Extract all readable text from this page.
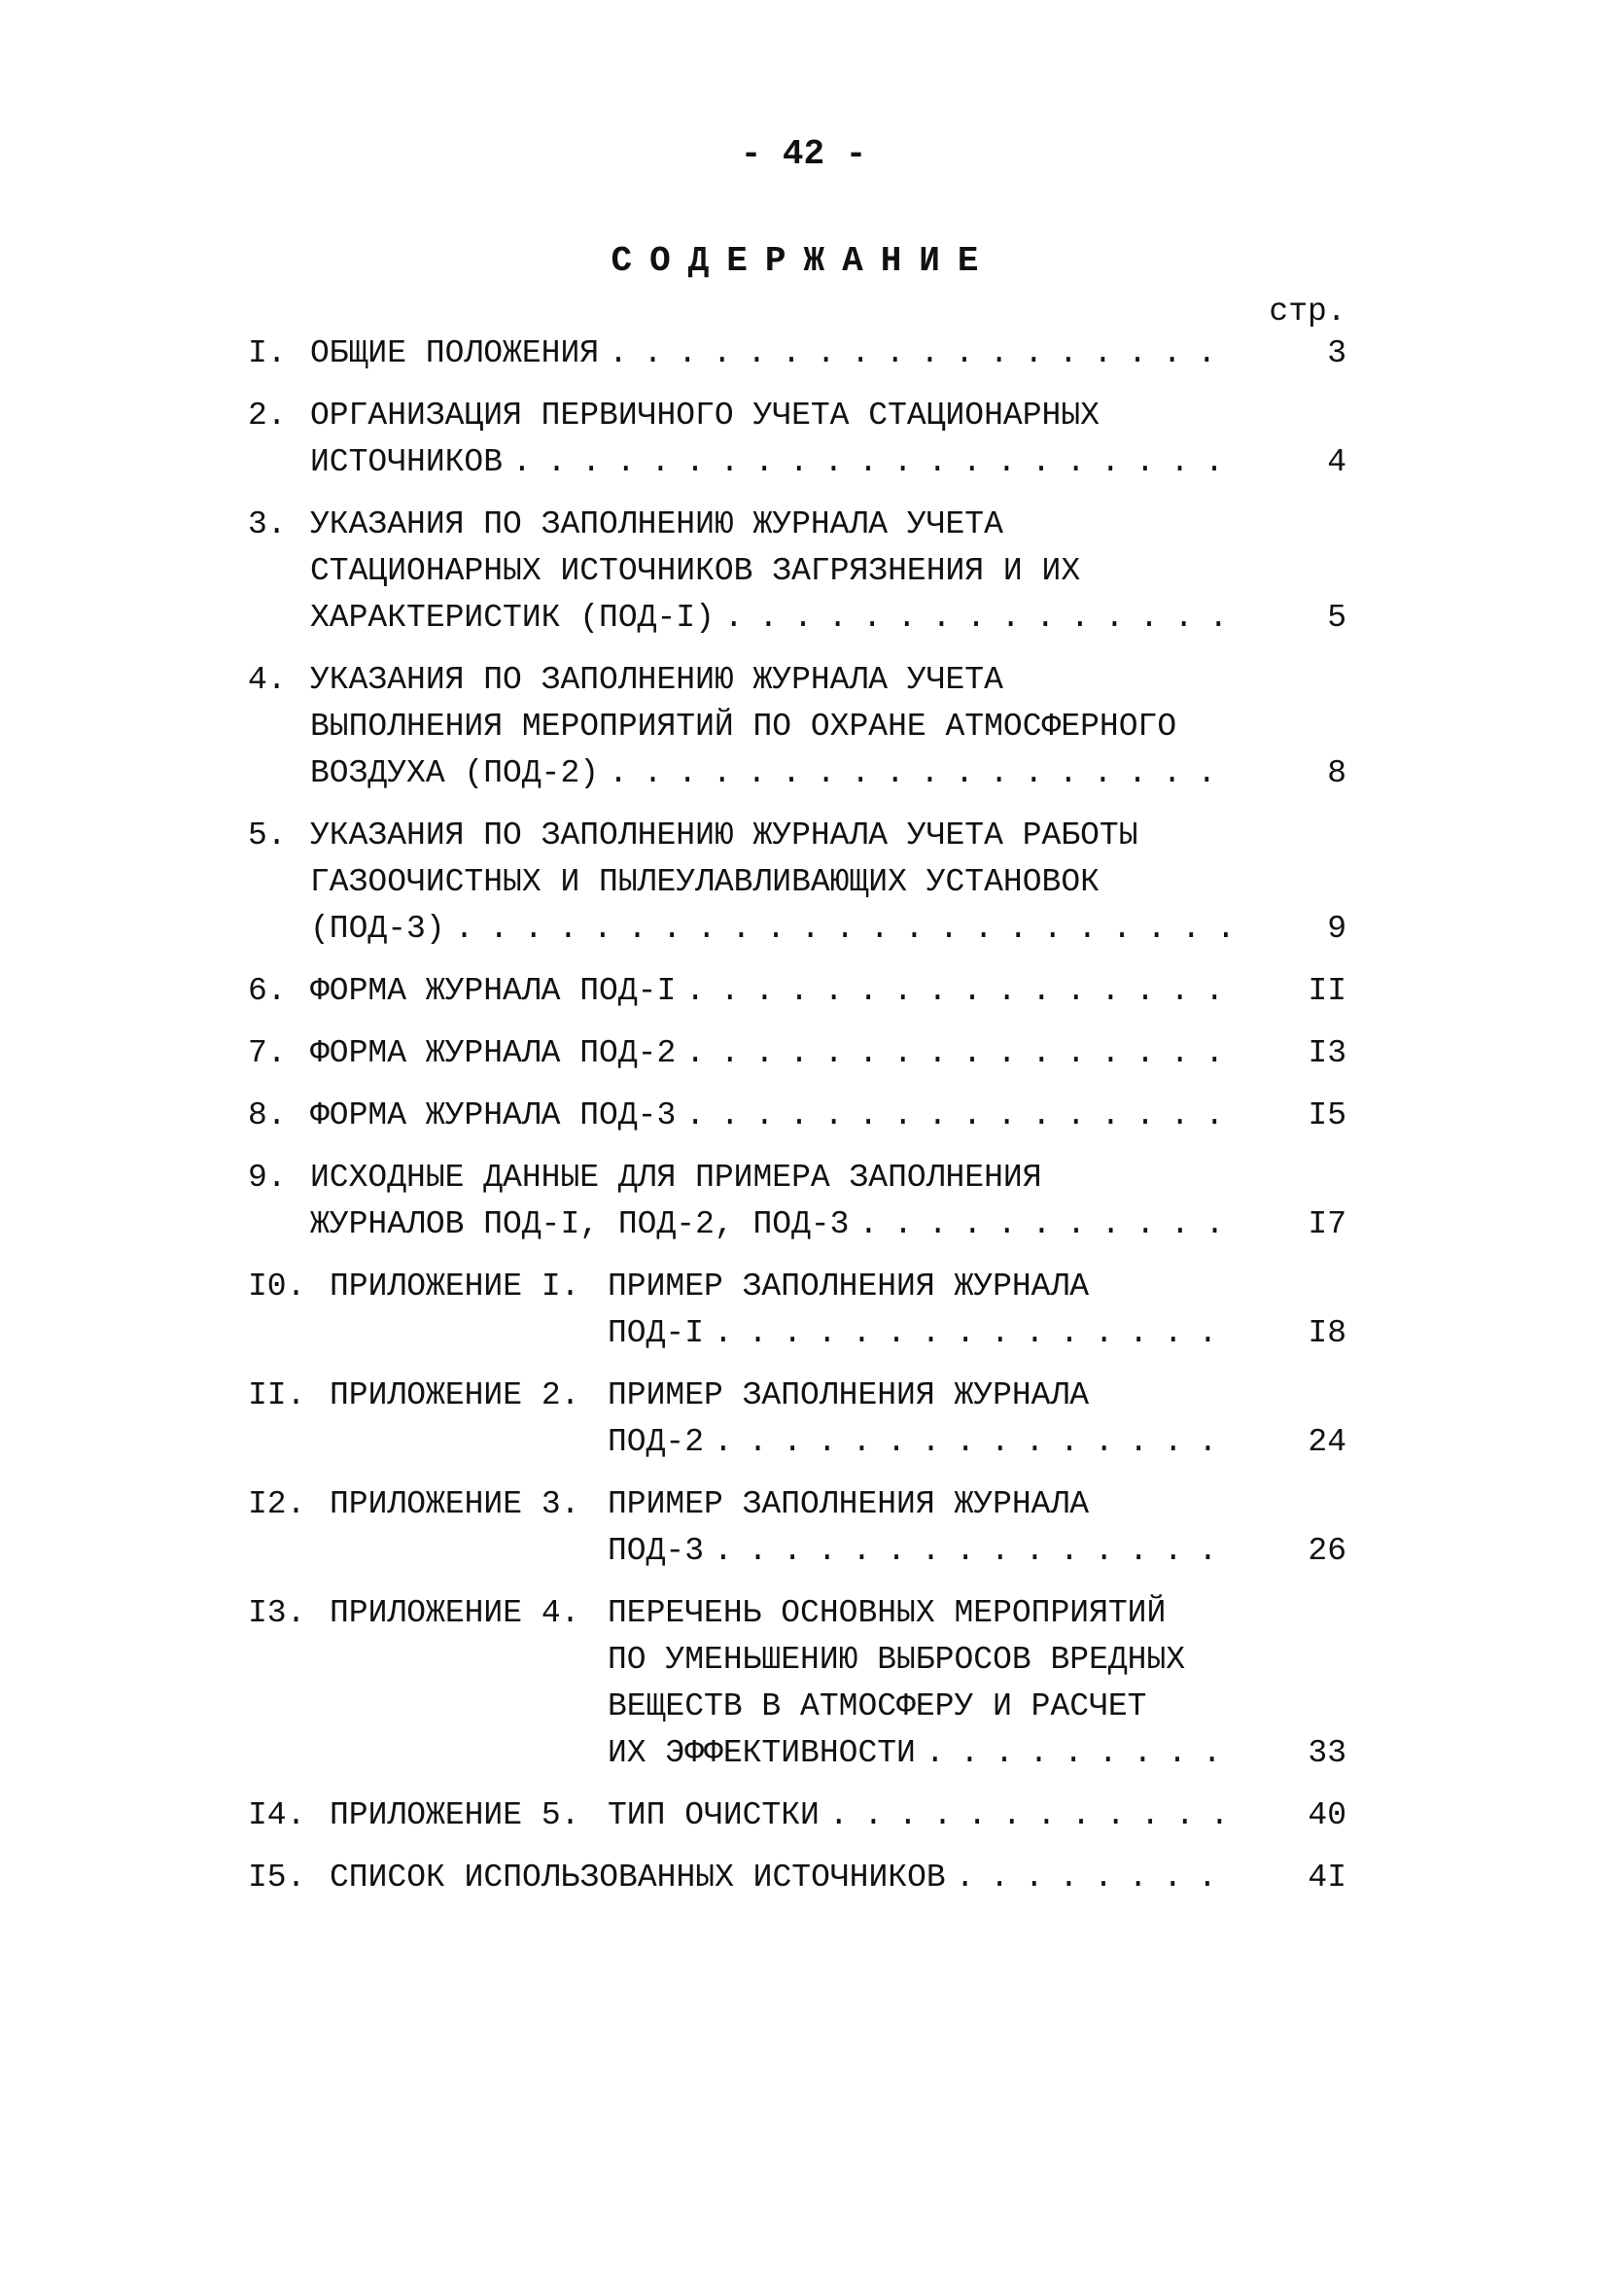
- 42 -
СОДЕРЖАНИЕ
стр.
I. ОБЩИЕ ПОЛОЖЕНИЯ . . .	3
2. ОРГАНИЗАЦИЯ ПЕРВИЧНОГО УЧЕТА СТАЦИОНАРНЫХ
ИСТОЧНИКОВ . . .	4
3. УКАЗАНИЯ ПО ЗАПОЛНЕНИЮ ЖУРНАЛА УЧЕТА
СТАЦИОНАРНЫХ ИСТОЧНИКОВ ЗАГРЯЗНЕНИЯ И ИХ
ХАРАКТЕРИСТИК (ПОД-I) . . .	5
4. УКАЗАНИЯ ПО ЗАПОЛНЕНИЮ ЖУРНАЛА УЧЕТА
ВЫПОЛНЕНИЯ МЕРОПРИЯТИЙ ПО ОХРАНЕ АТМОСФЕРНОГО
ВОЗДУХА (ПОД-2) . . .	8
5. УКАЗАНИЯ ПО ЗАПОЛНЕНИЮ ЖУРНАЛА УЧЕТА РАБОТЫ
ГАЗООЧИСТНЫХ И ПЫЛЕУЛАВЛИВАЮЩИХ УСТАНОВОК
(ПОД-3) . . .	9
6. ФОРМА ЖУРНАЛА ПОД-I . . .	II
7. ФОРМА ЖУРНАЛА ПОД-2 . . .	I3
8. ФОРМА ЖУРНАЛА ПОД-3 . . .	I5
9. ИСХОДНЫЕ ДАННЫЕ ДЛЯ ПРИМЕРА ЗАПОЛНЕНИЯ
ЖУРНАЛОВ ПОД-I, ПОД-2, ПОД-3 . . .	I7
I0. ПРИЛОЖЕНИЕ I. ПРИМЕР ЗАПОЛНЕНИЯ ЖУРНАЛА
ПОД-I . . .	I8
II. ПРИЛОЖЕНИЕ 2. ПРИМЕР ЗАПОЛНЕНИЯ ЖУРНАЛА
ПОД-2 . . .	24
I2. ПРИЛОЖЕНИЕ 3. ПРИМЕР ЗАПОЛНЕНИЯ ЖУРНАЛА
ПОД-3 . . .	26
I3. ПРИЛОЖЕНИЕ 4. ПЕРЕЧЕНЬ ОСНОВНЫХ МЕРОПРИЯТИЙ
ПО УМЕНЬШЕНИЮ ВЫБРОСОВ ВРЕДНЫХ
ВЕЩЕСТВ В АТМОСФЕРУ И РАСЧЕТ
ИХ ЭФФЕКТИВНОСТИ . . .	33
I4. ПРИЛОЖЕНИЕ 5. ТИП ОЧИСТКИ . . .	40
I5. СПИСОК ИСПОЛЬЗОВАННЫХ ИСТОЧНИКОВ . . .	4I
